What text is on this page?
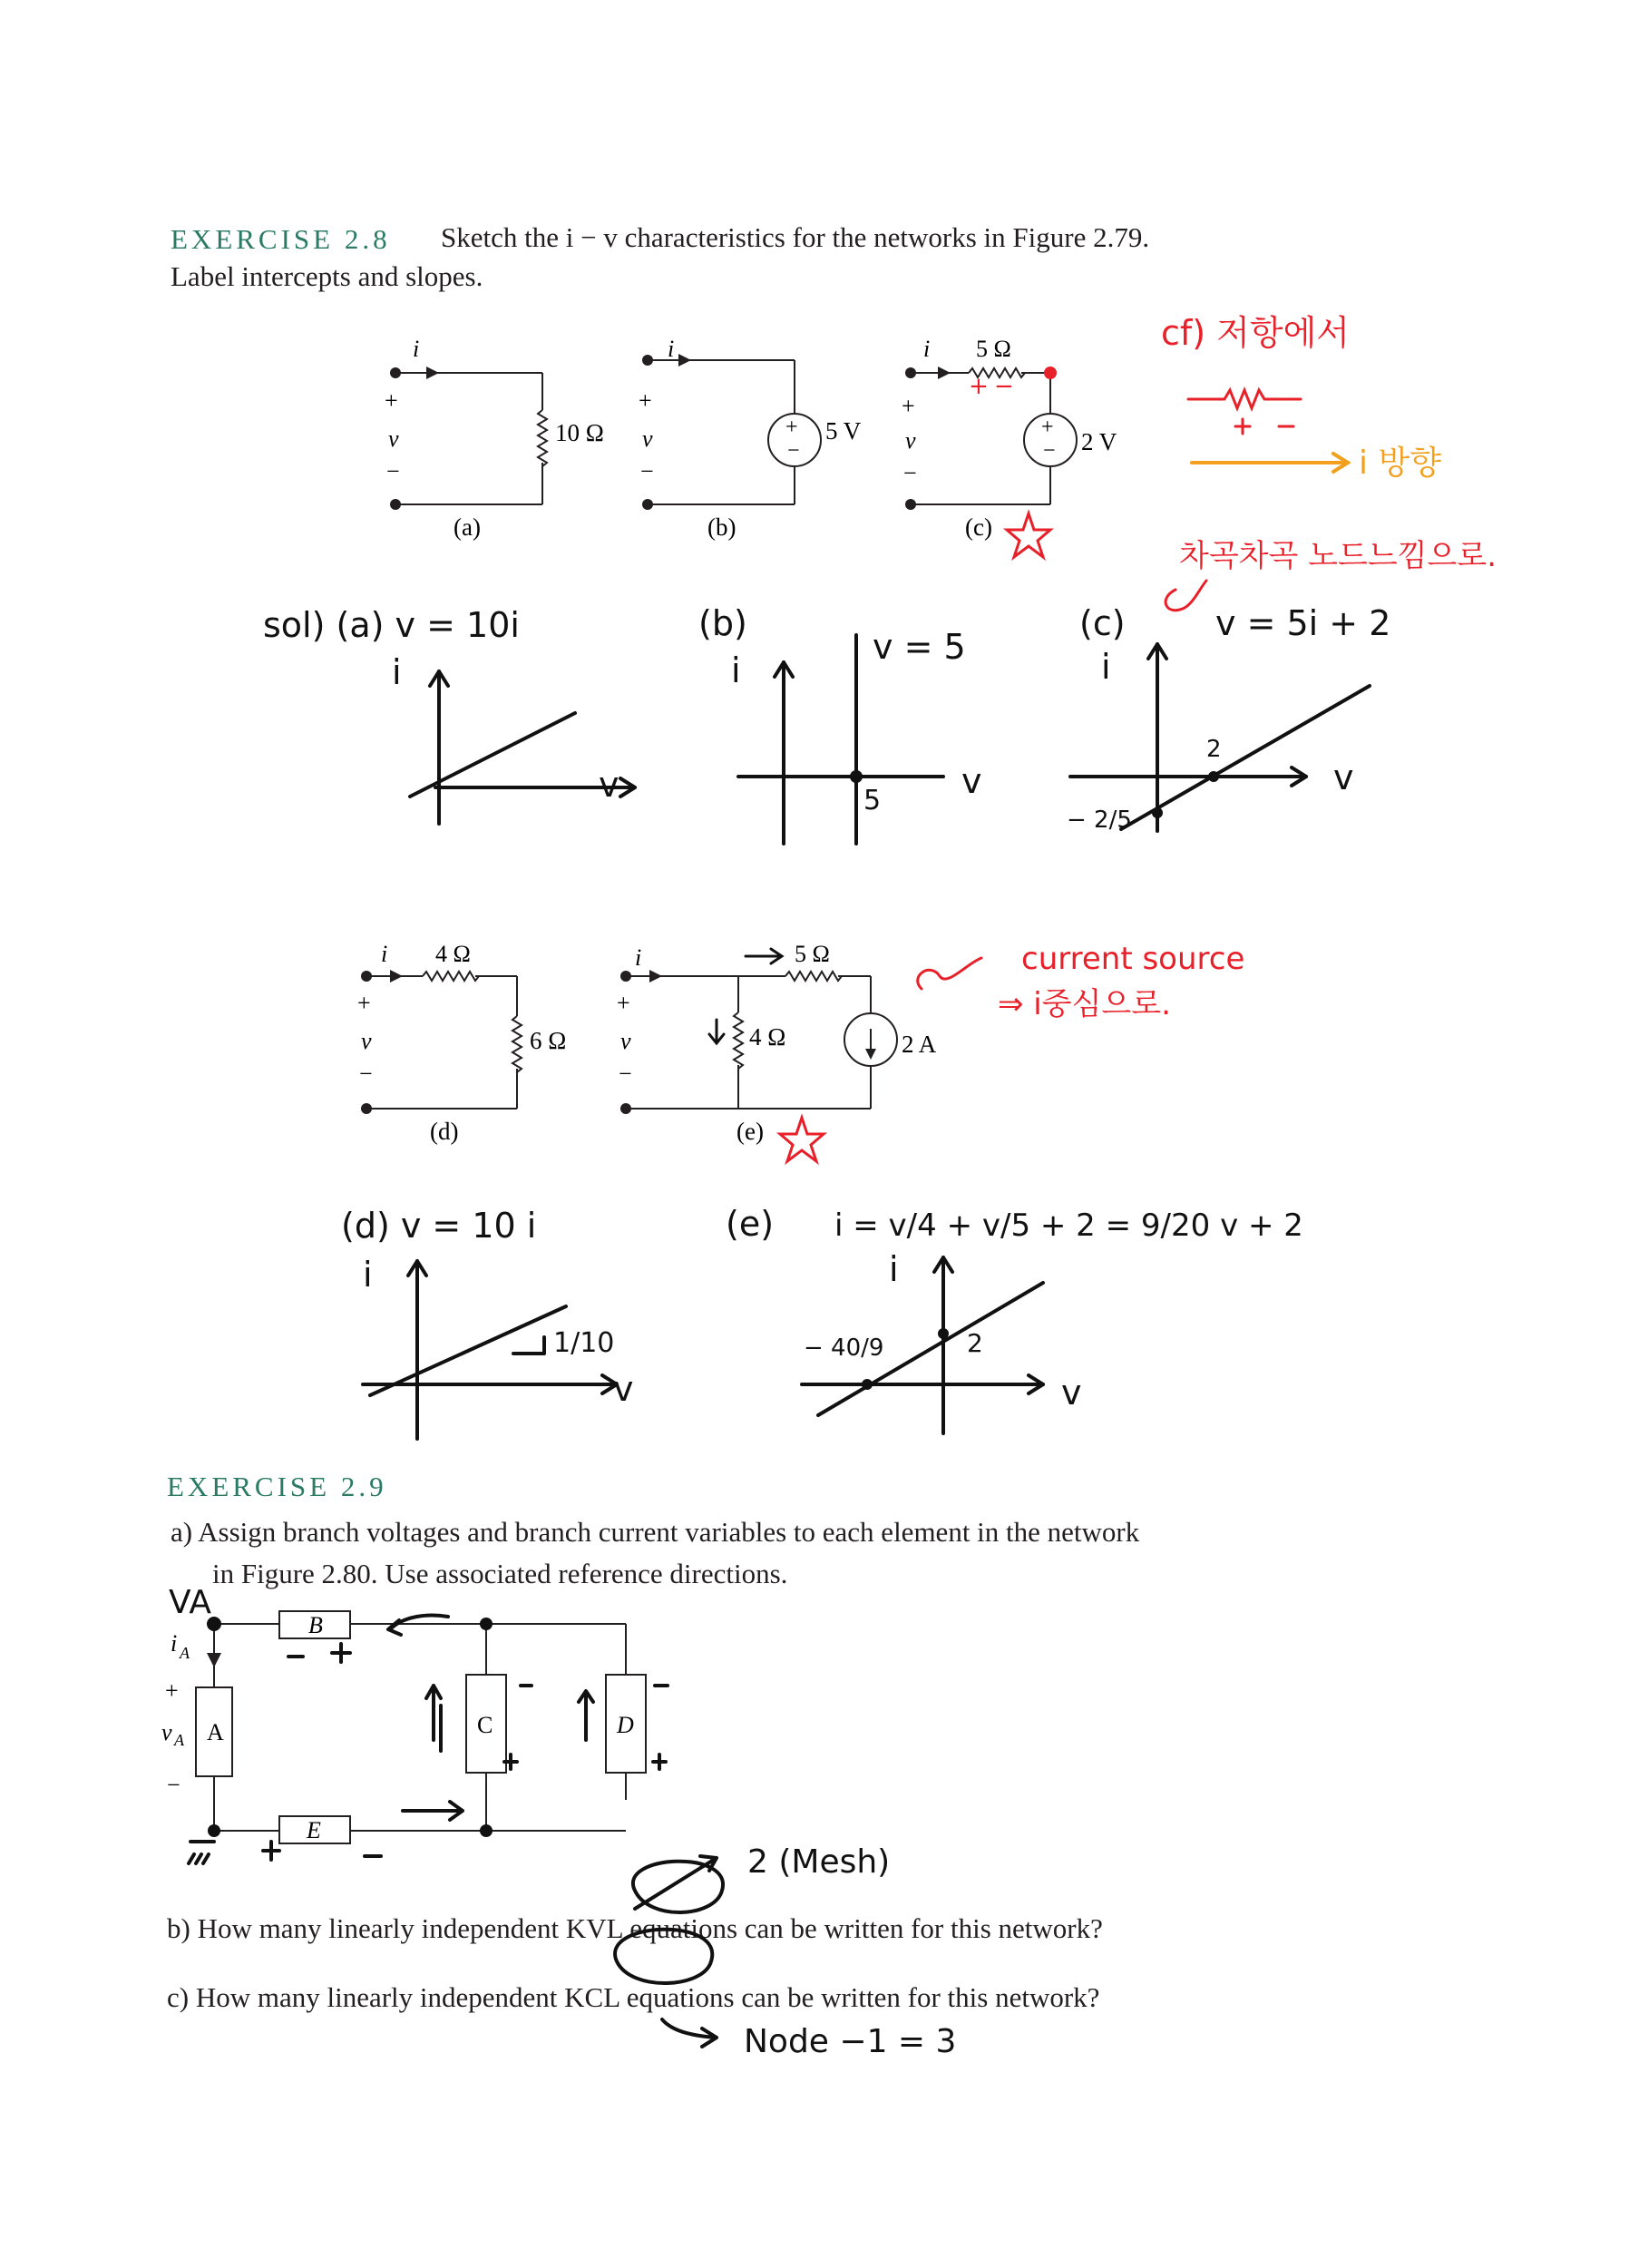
EXERCISE 2.8 Sketch the i − v characteristics for the networks in Figure 2.79.
Label intercepts and slopes.
i
+
v
−
10 Ω
(a)
i
+
v
−
+
−
5 V
(b)
i 5 Ω
+
v
−
+
− 2 V
(c)
i 4 Ω
+
v
−
6 Ω
(d)
i	5 Ω
+
v
−
4 Ω	2 A
(e)
sol) (a) v = 10i
i
v
(b)
i
v = 5
5 v
(c)	v = 5i + 2
i
2
− 2/5
v
(d) v = 10 i
i
1/10
v
(e) i = v/4 + v/5 + 2 = 9/20 v + 2
i
− 40/9	2
v
+ −
cf) 저항에서
차곡차곡 노드느낌으로.
current source
⇒ i중심으로.
i 방향
EXERCISE 2.9
a) Assign branch voltages and branch current variables to each element in the network
in Figure 2.80. Use associated reference directions.
b) How many linearly independent KVL equations can be written for this network?
c) How many linearly independent KCL equations can be written for this network?
B
A	C	D
E
i A
+
v A
−
VA
2 (Mesh)
Node −1 = 3
